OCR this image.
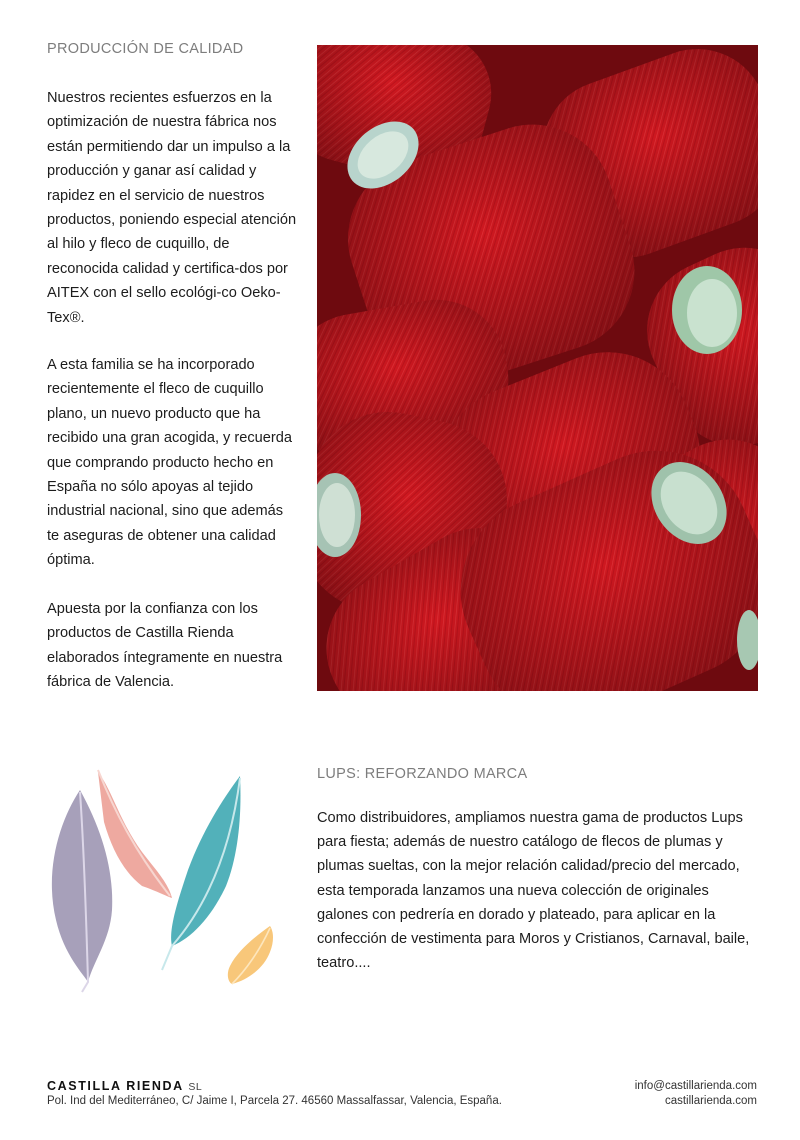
PRODUCCIÓN DE CALIDAD

Nuestros recientes esfuerzos en la optimización de nuestra fábrica nos están permitiendo dar un impulso a la producción y ganar así calidad y rapidez en el servicio de nuestros productos, poniendo especial atención al hilo y fleco de cuquillo, de reconocida calidad y certifica-dos por AITEX con el sello ecológi-co Oeko-Tex®.

A esta familia se ha incorporado recientemente el fleco de cuquillo plano, un nuevo producto que ha recibido una gran acogida, y recuerda que comprando producto hecho en España no sólo apoyas al tejido industrial nacional, sino que además te aseguras de obtener una calidad óptima.

Apuesta por la confianza con los productos de Castilla Rienda elaborados íntegramente en nuestra fábrica de Valencia.

LUPS: REFORZANDO MARCA

Como distribuidores, ampliamos nuestra gama de productos Lups para fiesta; además de nuestro catálogo de flecos de plumas y plumas sueltas, con la mejor relación calidad/precio del mercado, esta temporada lanzamos una nueva colección de originales galones con pedrería en dorado y plateado, para aplicar en la confección de vestimenta para Moros y Cristianos, Carnaval, baile, teatro....

CASTILLA RIENDA SL
Pol. Ind del Mediterráneo, C/ Jaime I, Parcela 27. 46560 Massalfassar, Valencia, España.
info@castillarienda.com
castillarienda.com
